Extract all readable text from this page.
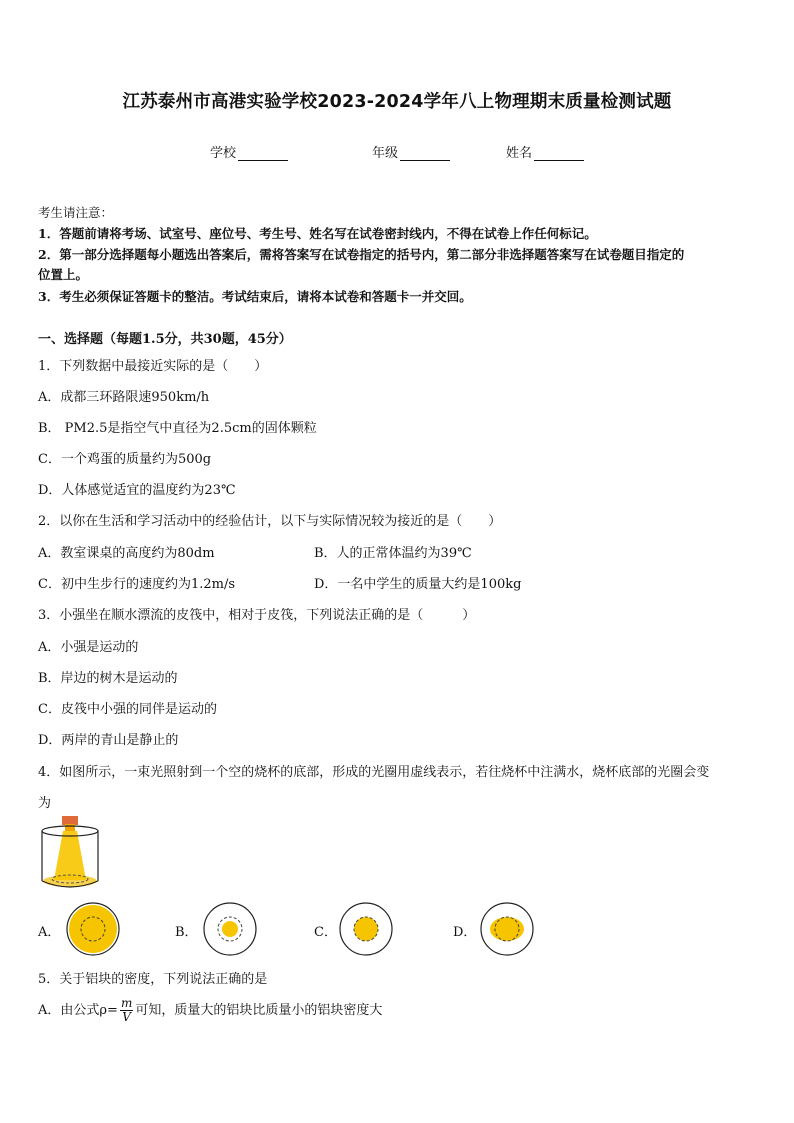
江苏泰州市高港实验学校2023-2024学年八上物理期末质量检测试题
学校	年级	姓名
考生请注意：
1．答题前请将考场、试室号、座位号、考生号、姓名写在试卷密封线内，不得在试卷上作任何标记。
2．第一部分选择题每小题选出答案后，需将答案写在试卷指定的括号内，第二部分非选择题答案写在试卷题目指定的
位置上。
3．考生必须保证答题卡的整洁。考试结束后，请将本试卷和答题卡一并交回。
一、选择题（每题1.5分，共30题，45分）
1．下列数据中最接近实际的是（　　）
A．成都三环路限速950km/h
B． PM2.5是指空气中直径为2.5cm的固体颗粒
C．一个鸡蛋的质量约为500g
D．人体感觉适宜的温度约为23℃
2．以你在生活和学习活动中的经验估计，以下与实际情况较为接近的是（　　）
A．教室课桌的高度约为80dm	B．人的正常体温约为39℃
C．初中生步行的速度约为1.2m/s	D．一名中学生的质量大约是100kg
3．小强坐在顺水漂流的皮筏中，相对于皮筏，下列说法正确的是（　　　）
A．小强是运动的
B．岸边的树木是运动的
C．皮筏中小强的同伴是运动的
D．两岸的青山是静止的
4．如图所示，一束光照射到一个空的烧杯的底部，形成的光圈用虚线表示，若往烧杯中注满水，烧杯底部的光圈会变
为
A．	B．	C．	D．
5．关于铝块的密度，下列说法正确的是
A．由公式$\rho= \frac{m}{V}$ 可知，质量大的铝块比质量小的铝块密度大
